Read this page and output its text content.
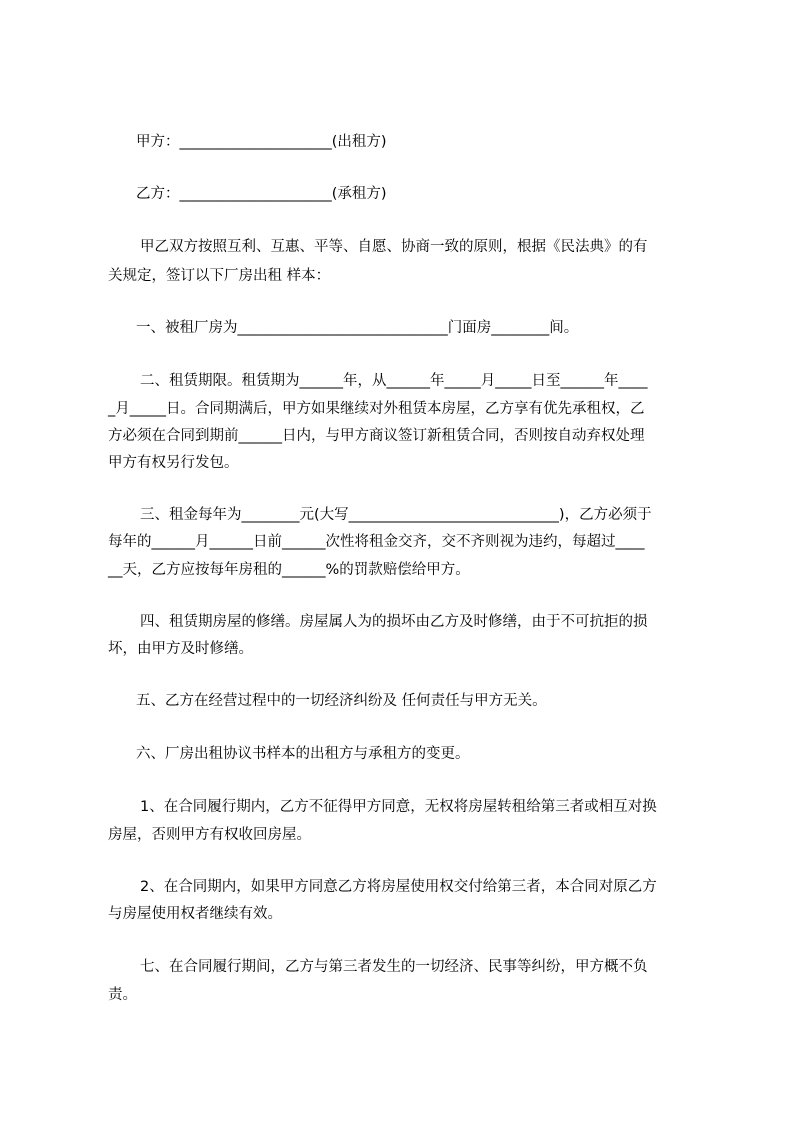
甲方：_____________________(出租方)
乙方：_____________________(承租方)
甲乙双方按照互利、互惠、平等、自愿、协商一致的原则，根据《民法典》的有
关规定，签订以下厂房出租 样本：
一、被租厂房为_____________________________门面房________间。
二、租赁期限。租赁期为______年，从______年_____月_____日至______年____
_月_____日。合同期满后，甲方如果继续对外租赁本房屋，乙方享有优先承租权，乙
方必须在合同到期前______日内，与甲方商议签订新租赁合同，否则按自动弃权处理
甲方有权另行发包。
三、租金每年为________元(大写_____________________________)，乙方必须于
每年的______月______日前______次性将租金交齐，交不齐则视为违约，每超过____
__天，乙方应按每年房租的______%的罚款赔偿给甲方。
四、租赁期房屋的修缮。房屋属人为的损坏由乙方及时修缮，由于不可抗拒的损
坏，由甲方及时修缮。
五、乙方在经营过程中的一切经济纠纷及 任何责任与甲方无关。
六、厂房出租协议书样本的出租方与承租方的变更。
1、在合同履行期内，乙方不征得甲方同意，无权将房屋转租给第三者或相互对换
房屋，否则甲方有权收回房屋。
2、在合同期内，如果甲方同意乙方将房屋使用权交付给第三者，本合同对原乙方
与房屋使用权者继续有效。
七、在合同履行期间，乙方与第三者发生的一切经济、民事等纠纷，甲方概不负
责。
